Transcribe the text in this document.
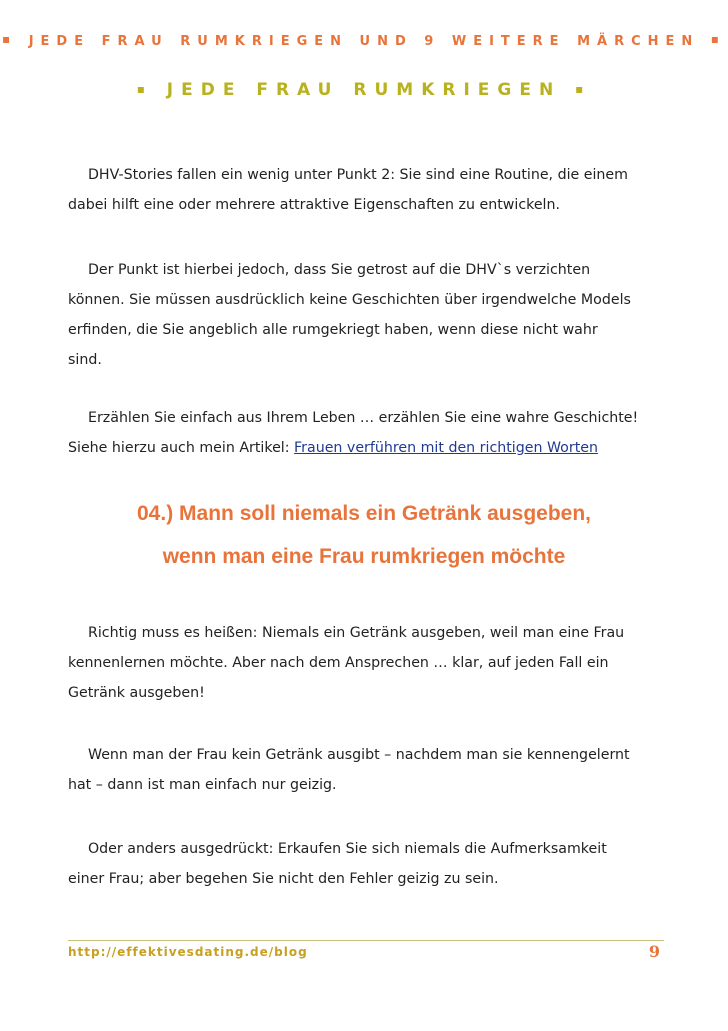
▪ JEDE FRAU RUMKRIEGEN UND 9 WEITERE MÄRCHEN ▪
▪ JEDE FRAU RUMKRIEGEN ▪
DHV-Stories fallen ein wenig unter Punkt 2: Sie sind eine Routine, die einem
dabei hilft eine oder mehrere attraktive Eigenschaften zu entwickeln.
Der Punkt ist hierbei jedoch, dass Sie getrost auf die DHV`s verzichten
können. Sie müssen ausdrücklich keine Geschichten über irgendwelche Models
erfinden, die Sie angeblich alle rumgekriegt haben, wenn diese nicht wahr
sind.
Erzählen Sie einfach aus Ihrem Leben … erzählen Sie eine wahre Geschichte!
Siehe hierzu auch mein Artikel: Frauen verführen mit den richtigen Worten
04.) Mann soll niemals ein Getränk ausgeben,
wenn man eine Frau rumkriegen möchte
Richtig muss es heißen: Niemals ein Getränk ausgeben, weil man eine Frau
kennenlernen möchte. Aber nach dem Ansprechen … klar, auf jeden Fall ein
Getränk ausgeben!
Wenn man der Frau kein Getränk ausgibt – nachdem man sie kennengelernt
hat – dann ist man einfach nur geizig.
Oder anders ausgedrückt: Erkaufen Sie sich niemals die Aufmerksamkeit
einer Frau; aber begehen Sie nicht den Fehler geizig zu sein.
http://effektivesdating.de/blog	9
